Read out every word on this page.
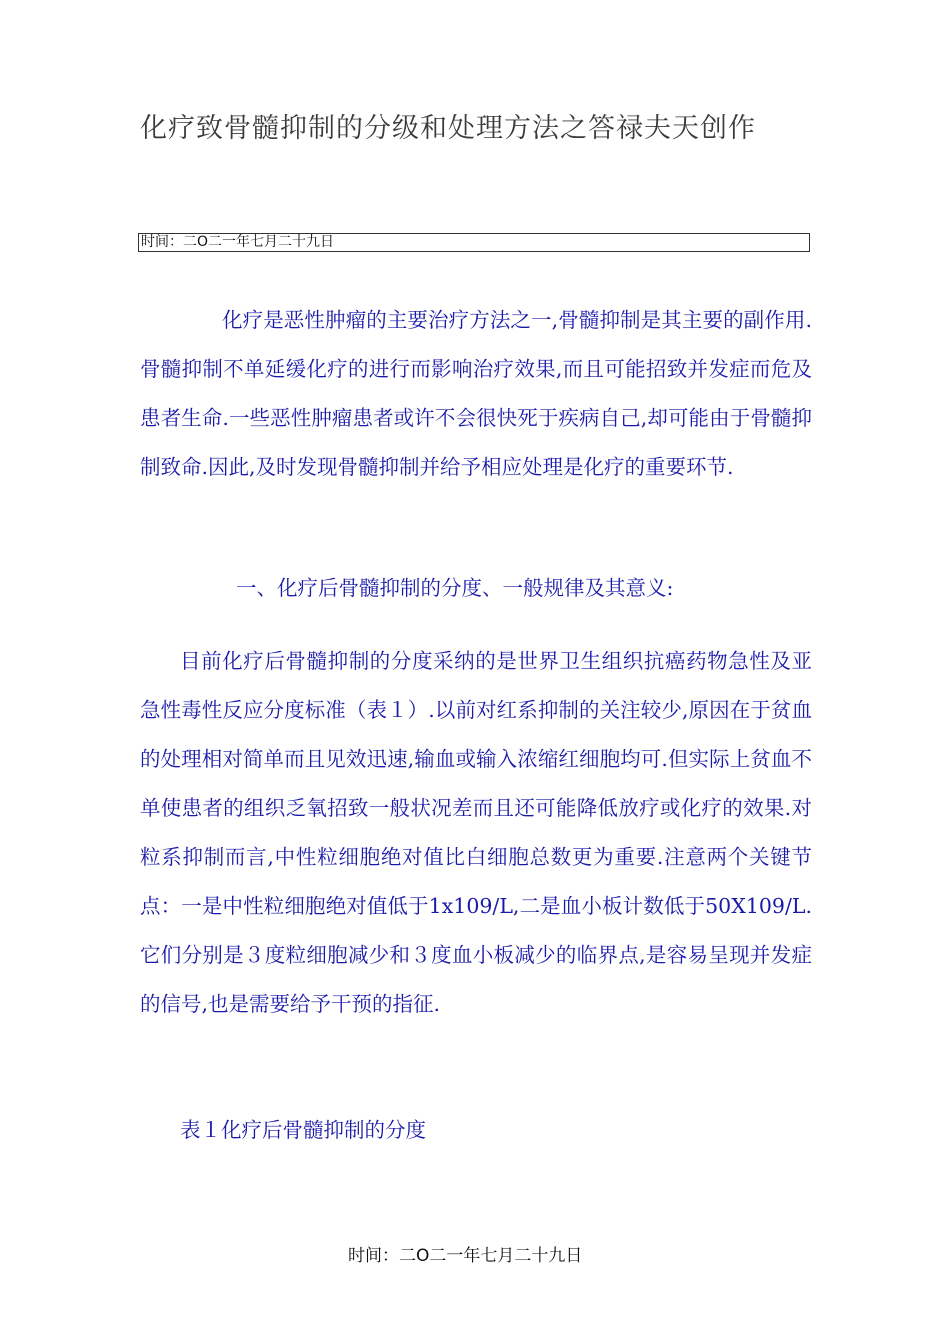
化疗致骨髓抑制的分级和处理方法之答禄夫天创作
时间：二O二一年七月二十九日
化疗是恶性肿瘤的主要治疗方法之一,骨髓抑制是其主要的副作用.骨髓抑制不单延缓化疗的进行而影响治疗效果,而且可能招致并发症而危及患者生命.一些恶性肿瘤患者或许不会很快死于疾病自己,却可能由于骨髓抑制致命.因此,及时发现骨髓抑制并给予相应处理是化疗的重要环节.
一、化疗后骨髓抑制的分度、一般规律及其意义:
目前化疗后骨髓抑制的分度采纳的是世界卫生组织抗癌药物急性及亚急性毒性反应分度标准（表１）.以前对红系抑制的关注较少,原因在于贫血的处理相对简单而且见效迅速,输血或输入浓缩红细胞均可.但实际上贫血不单使患者的组织乏氧招致一般状况差而且还可能降低放疗或化疗的效果.对粒系抑制而言,中性粒细胞绝对值比白细胞总数更为重要.注意两个关键节点：一是中性粒细胞绝对值低于1x109/L,二是血小板计数低于50X109/L.它们分别是３度粒细胞减少和３度血小板减少的临界点,是容易呈现并发症的信号,也是需要给予干预的指征.
表１化疗后骨髓抑制的分度
时间：二O二一年七月二十九日
